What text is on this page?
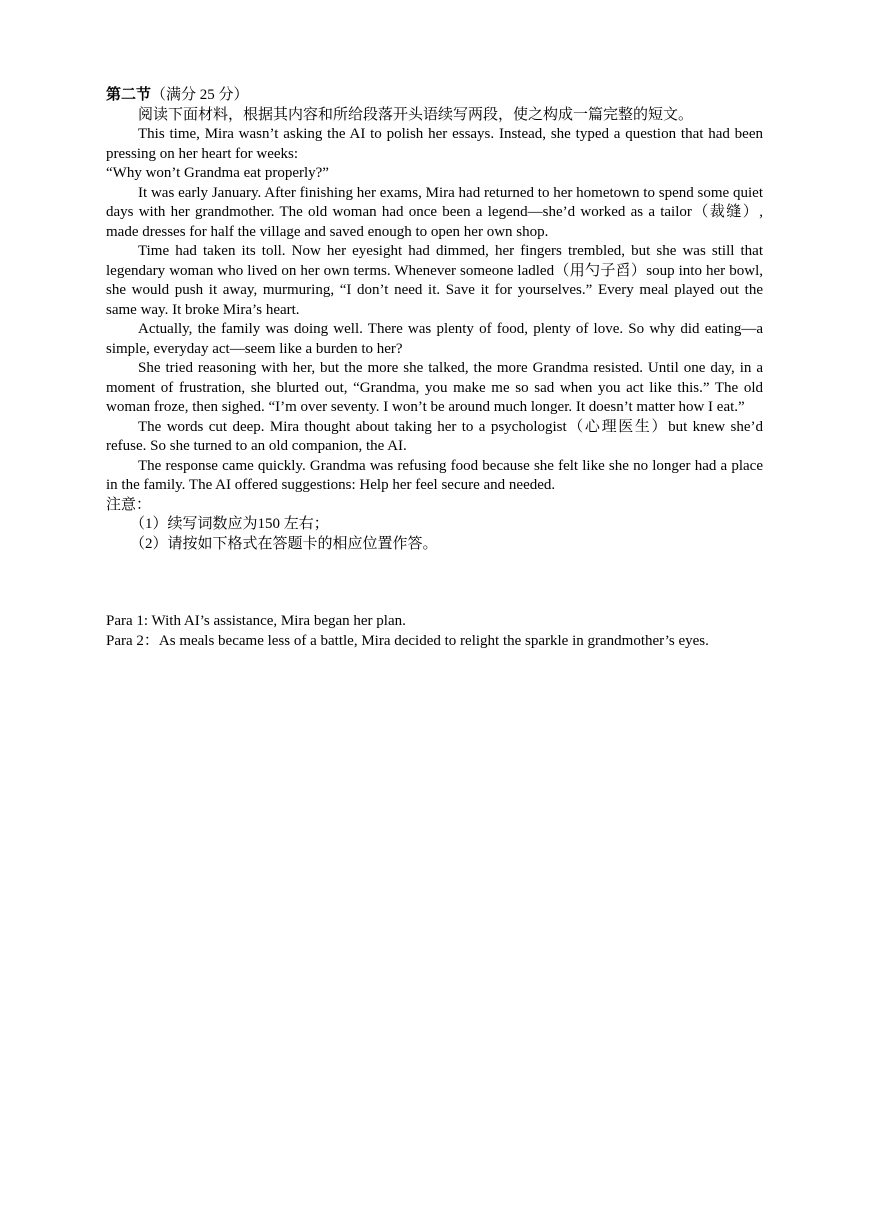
第二节（满分 25 分）

阅读下面材料，根据其内容和所给段落开头语续写两段，使之构成一篇完整的短文。

This time, Mira wasn’t asking the AI to polish her essays. Instead, she typed a question that had been pressing on her heart for weeks:

“Why won’t Grandma eat properly?”

It was early January. After finishing her exams, Mira had returned to her hometown to spend some quiet days with her grandmother. The old woman had once been a legend—she’d worked as a tailor（裁缝）, made dresses for half the village and saved enough to open her own shop.

Time had taken its toll. Now her eyesight had dimmed, her fingers trembled, but she was still that legendary woman who lived on her own terms. Whenever someone ladled（用勺子舀）soup into her bowl, she would push it away, murmuring, “I don’t need it. Save it for yourselves.” Every meal played out the same way. It broke Mira’s heart.

Actually, the family was doing well. There was plenty of food, plenty of love. So why did eating—a simple, everyday act—seem like a burden to her?

She tried reasoning with her, but the more she talked, the more Grandma resisted. Until one day, in a moment of frustration, she blurted out, “Grandma, you make me so sad when you act like this.” The old woman froze, then sighed. “I’m over seventy. I won’t be around much longer. It doesn’t matter how I eat.”

The words cut deep. Mira thought about taking her to a psychologist（心理医生）but knew she’d refuse. So she turned to an old companion, the AI.

The response came quickly. Grandma was refusing food because she felt like she no longer had a place in the family. The AI offered suggestions: Help her feel secure and needed.

注意：

（1）续写词数应为150 左右；

（2）请按如下格式在答题卡的相应位置作答。

Para 1: With AI’s assistance, Mira began her plan.

Para 2：As meals became less of a battle, Mira decided to relight the sparkle in grandmother’s eyes.
